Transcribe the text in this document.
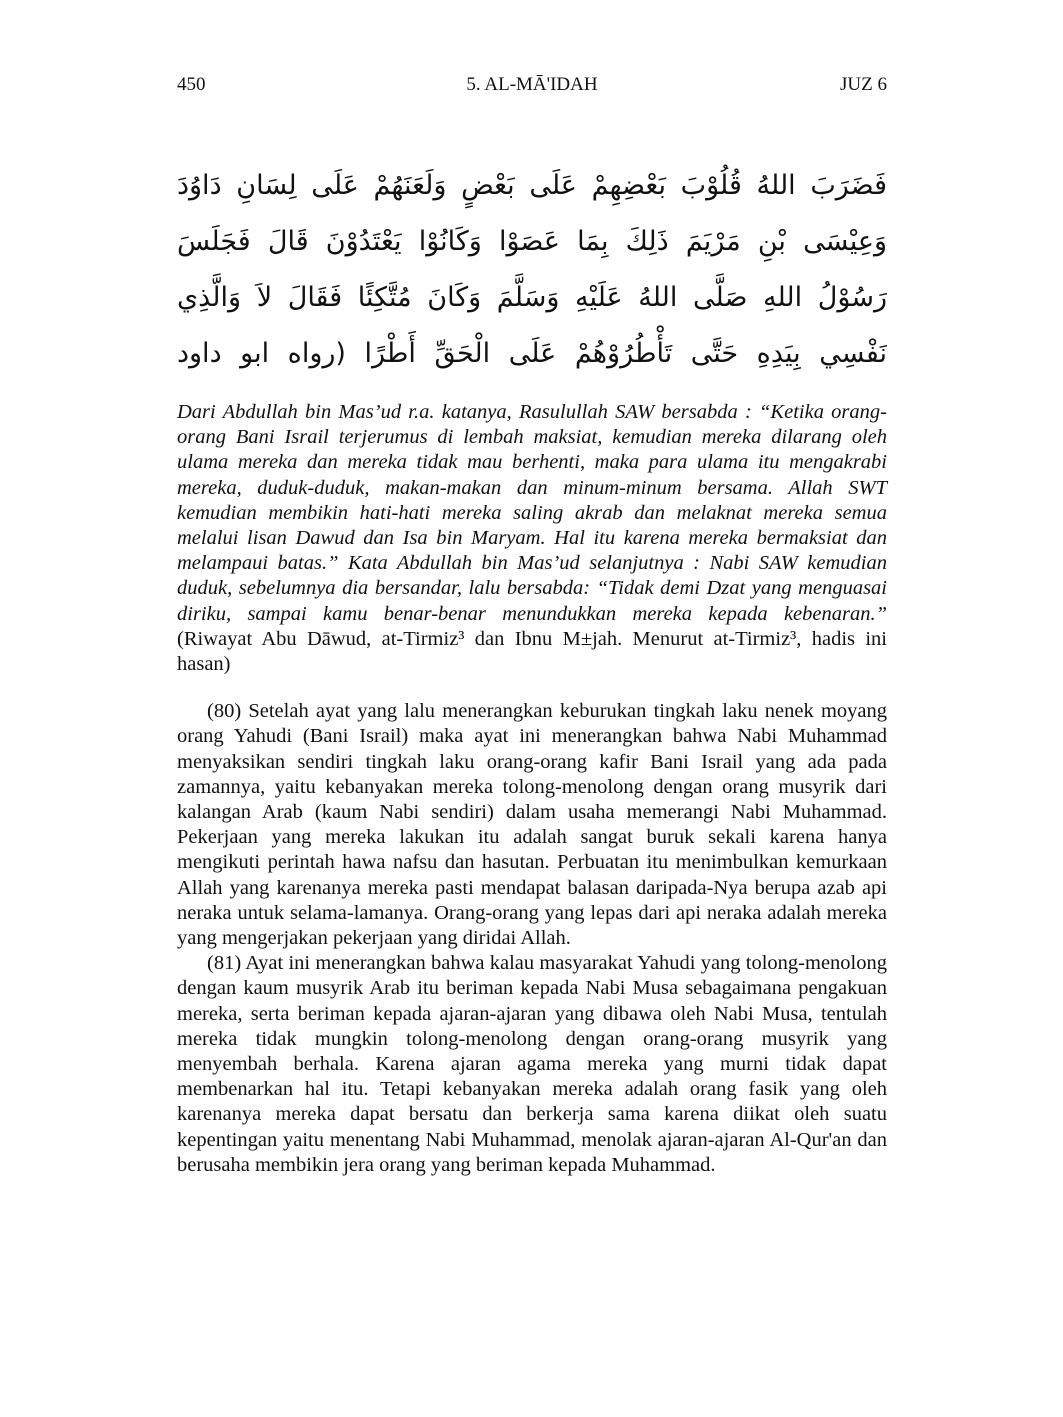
450	5. AL-MĀ'IDAH	JUZ 6
فَضَرَبَ اللهُ قُلُوْبَ بَعْضِهِمْ عَلَى بَعْضٍ وَلَعَنَهُمْ عَلَى لِسَانِ دَاوُدَ وَعِيْسَى بْنِ مَرْيَمَ ذَلِكَ بِمَا عَصَوْا وَكَانُوْا يَعْتَدُوْنَ قَالَ فَجَلَسَ رَسُوْلُ اللهِ صَلَّى اللهُ عَلَيْهِ وَسَلَّمَ وَكَانَ مُتَّكِئًا فَقَالَ لاَ وَالَّذِي نَفْسِي بِيَدِهِ حَتَّى تَأْطُرُوْهُمْ عَلَى الْحَقِّ أَطْرًا (رواه ابو داود
Dari Abdullah bin Mas’ud r.a. katanya, Rasulullah SAW bersabda : “Ketika orang-orang Bani Israil terjerumus di lembah maksiat, kemudian mereka dilarang oleh ulama mereka dan mereka tidak mau berhenti, maka para ulama itu mengakrabi mereka, duduk-duduk, makan-makan dan minum-minum bersama. Allah SWT kemudian membikin hati-hati mereka saling akrab dan melaknat mereka semua melalui lisan Dawud dan Isa bin Maryam. Hal itu karena mereka bermaksiat dan melampaui batas.” Kata Abdullah bin Mas’ud selanjutnya : Nabi SAW kemudian duduk, sebelumnya dia bersandar, lalu bersabda: “Tidak demi Dzat yang menguasai diriku, sampai kamu benar-benar menundukkan mereka kepada kebenaran.” (Riwayat Abu Dāwud, at-Tirmiz³ dan Ibnu M±jah. Menurut at-Tirmiz³, hadis ini hasan)

(80) Setelah ayat yang lalu menerangkan keburukan tingkah laku nenek moyang orang Yahudi (Bani Israil) maka ayat ini menerangkan bahwa Nabi Muhammad menyaksikan sendiri tingkah laku orang-orang kafir Bani Israil yang ada pada zamannya, yaitu kebanyakan mereka tolong-menolong dengan orang musyrik dari kalangan Arab (kaum Nabi sendiri) dalam usaha memerangi Nabi Muhammad. Pekerjaan yang mereka lakukan itu adalah sangat buruk sekali karena hanya mengikuti perintah hawa nafsu dan hasutan. Perbuatan itu menimbulkan kemurkaan Allah yang karenanya mereka pasti mendapat balasan daripada-Nya berupa azab api neraka untuk selama-lamanya. Orang-orang yang lepas dari api neraka adalah mereka yang mengerjakan pekerjaan yang diridai Allah.

(81) Ayat ini menerangkan bahwa kalau masyarakat Yahudi yang tolong-menolong dengan kaum musyrik Arab itu beriman kepada Nabi Musa sebagaimana pengakuan mereka, serta beriman kepada ajaran-ajaran yang dibawa oleh Nabi Musa, tentulah mereka tidak mungkin tolong-menolong dengan orang-orang musyrik yang menyembah berhala. Karena ajaran agama mereka yang murni tidak dapat membenarkan hal itu. Tetapi kebanyakan mereka adalah orang fasik yang oleh karenanya mereka dapat bersatu dan berkerja sama karena diikat oleh suatu kepentingan yaitu menentang Nabi Muhammad, menolak ajaran-ajaran Al-Qur'an dan berusaha membikin jera orang yang beriman kepada Muhammad.
